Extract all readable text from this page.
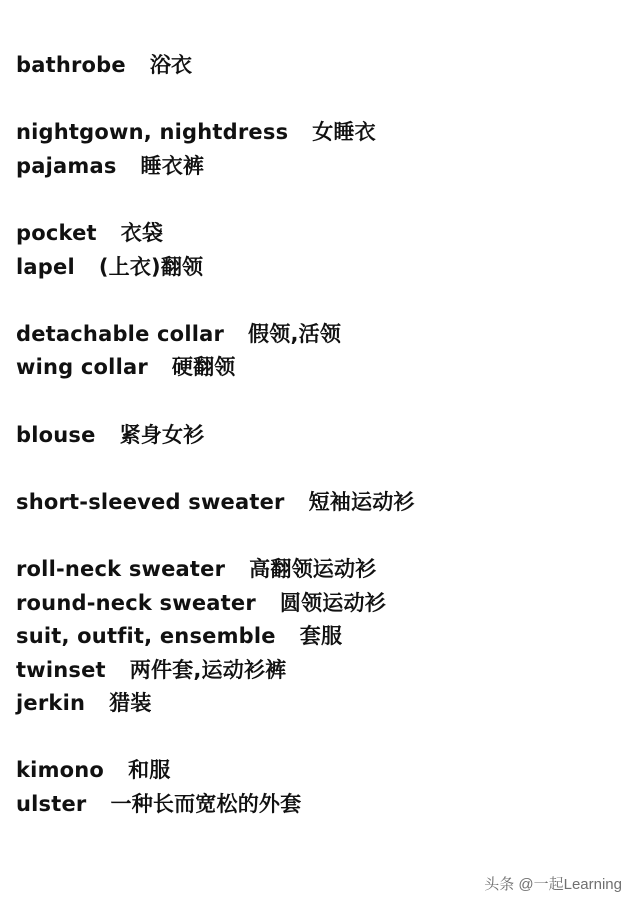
bathrobe 浴衣
nightgown, nightdress 女睡衣
pajamas 睡衣裤
pocket 衣袋
lapel (上衣)翻领
detachable collar 假领,活领
wing collar 硬翻领
blouse 紧身女衫
short-sleeved sweater 短袖运动衫
roll-neck sweater 高翻领运动衫
round-neck sweater 圆领运动衫
suit, outfit, ensemble 套服
twinset 两件套,运动衫裤
jerkin 猎装
kimono 和服
ulster 一种长而宽松的外套
头条 @一起Learning
